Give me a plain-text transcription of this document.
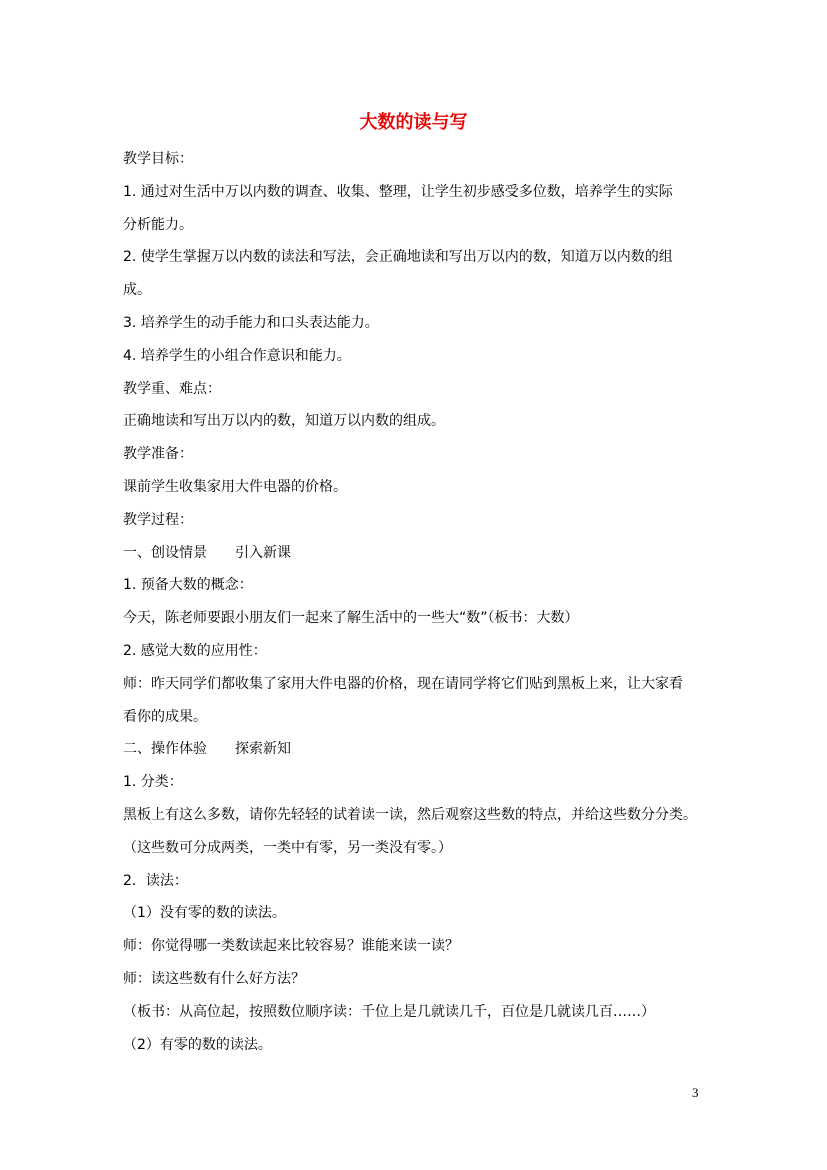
大数的读与写
教学目标：
1. 通过对生活中万以内数的调查、收集、整理，让学生初步感受多位数，培养学生的实际
分析能力。
2. 使学生掌握万以内数的读法和写法，会正确地读和写出万以内的数，知道万以内数的组
成。
3. 培养学生的动手能力和口头表达能力。
4. 培养学生的小组合作意识和能力。
教学重、难点：
正确地读和写出万以内的数，知道万以内数的组成。
教学准备：
课前学生收集家用大件电器的价格。
教学过程：
一、创设情景　　引入新课
1. 预备大数的概念：
今天，陈老师要跟小朋友们一起来了解生活中的一些大“数”（板书：大数）
2. 感觉大数的应用性：
师：昨天同学们都收集了家用大件电器的价格，现在请同学将它们贴到黑板上来，让大家看
看你的成果。
二、操作体验　　探索新知
1. 分类：
黑板上有这么多数，请你先轻轻的试着读一读，然后观察这些数的特点，并给这些数分分类。
（这些数可分成两类，一类中有零，另一类没有零。）
2．读法：
（1）没有零的数的读法。
师：你觉得哪一类数读起来比较容易？谁能来读一读？
师：读这些数有什么好方法？
（板书：从高位起，按照数位顺序读：千位上是几就读几千，百位是几就读几百……）
（2）有零的数的读法。
3
